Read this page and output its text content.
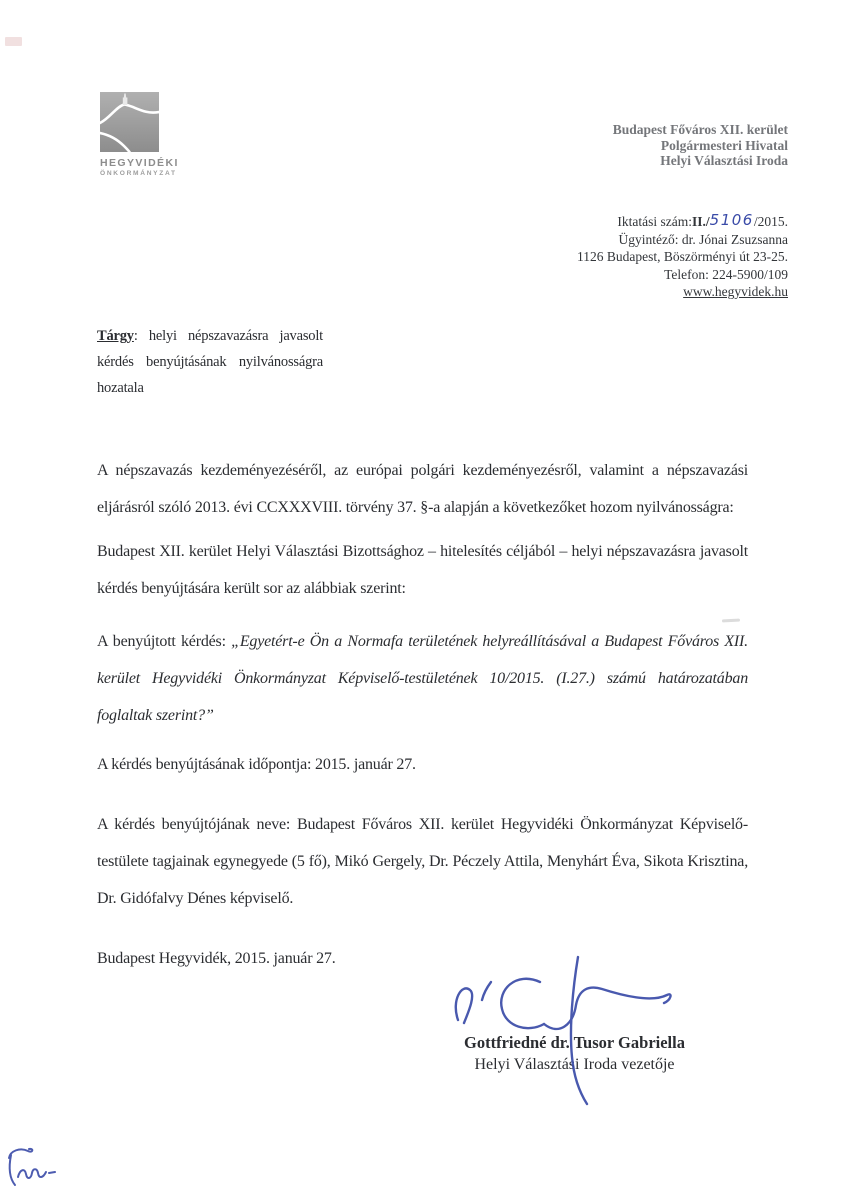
HEGYVIDÉKI
ÖNKORMÁNYZAT
Budapest Főváros XII. kerület
Polgármesteri Hivatal
Helyi Választási Iroda
Iktatási szám:II./5106/2015.
Ügyintéző: dr. Jónai Zsuzsanna
1126 Budapest, Böszörményi út 23-25.
Telefon: 224-5900/109
www.hegyvidek.hu
Tárgy: helyi népszavazásra javasolt kérdés benyújtásának nyilvánosságra hozatala

A népszavazás kezdeményezéséről, az európai polgári kezdeményezésről, valamint a népszavazási eljárásról szóló 2013. évi CCXXXVIII. törvény 37. §-a alapján a következőket hozom nyilvánosságra:

Budapest XII. kerület Helyi Választási Bizottsághoz – hitelesítés céljából – helyi népszavazásra javasolt kérdés benyújtására került sor az alábbiak szerint:

A benyújtott kérdés: „Egyetért-e Ön a Normafa területének helyreállításával a Budapest Főváros XII. kerület Hegyvidéki Önkormányzat Képviselő-testületének 10/2015. (I.27.) számú határozatában foglaltak szerint?”

A kérdés benyújtásának időpontja: 2015. január 27.

A kérdés benyújtójának neve: Budapest Főváros XII. kerület Hegyvidéki Önkormányzat Képviselő-testülete tagjainak egynegyede (5 fő), Mikó Gergely, Dr. Péczely Attila, Menyhárt Éva, Sikota Krisztina, Dr. Gidófalvy Dénes képviselő.

Budapest Hegyvidék, 2015. január 27.

Gottfriedné dr. Tusor Gabriella
Helyi Választási Iroda vezetője
